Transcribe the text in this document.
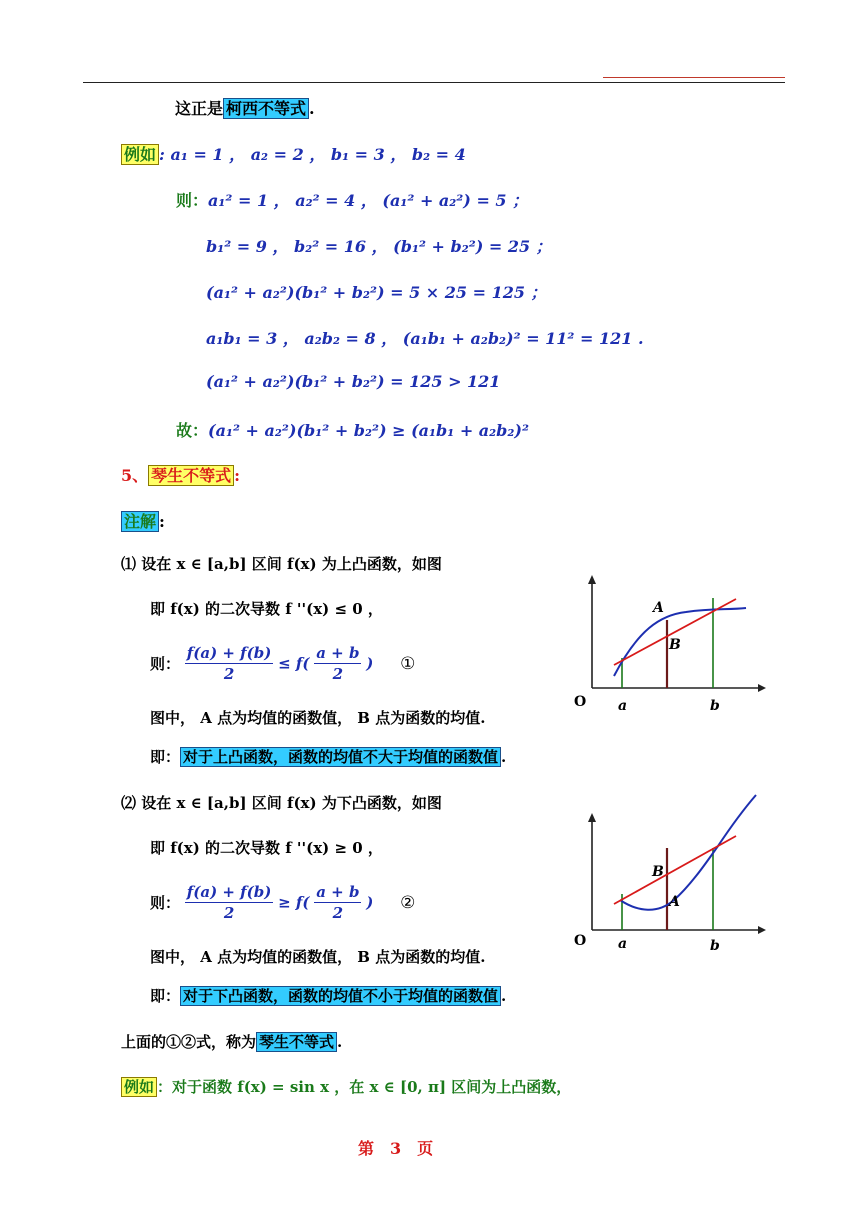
这正是 柯西不等式 .
例如 : a₁ = 1 ， a₂ = 2 ， b₁ = 3 ， b₂ = 4
则：a₁² = 1 ， a₂² = 4 ， (a₁² + a₂²) = 5 ；
b₁² = 9 ， b₂² = 16 ， (b₁² + b₂²) = 25 ；
(a₁² + a₂²)(b₁² + b₂²) = 5 × 25 = 125 ；
a₁b₁ = 3 ， a₂b₂ = 8 ， (a₁b₁ + a₂b₂)² = 11² = 121 .
(a₁² + a₂²)(b₁² + b₂²) = 125 > 121
故：(a₁² + a₂²)(b₁² + b₂²) ≥ (a₁b₁ + a₂b₂)²
5、 琴生不等式 :
注解 :
⑴ 设在 x ∈ [a,b] 区间 f(x) 为上凸函数，如图
即 f(x) 的二次导数 f ''(x) ≤ 0 ，
则： $\frac{f(a) + f(b)}{2} \le f( \frac{a + b}{2}$ ) ①
图中， A 点为均值的函数值， B 点为函数的均值.
即： 对于上凸函数，函数的均值不大于均值的函数值 .
O a	b
A
B
⑵ 设在 x ∈ [a,b] 区间 f(x) 为下凸函数，如图
即 f(x) 的二次导数 f ''(x) ≥ 0 ，
则： $\frac{f(a) + f(b)}{2} \ge f( \frac{a + b}{2}$ ) ②
图中， A 点为均值的函数值， B 点为函数的均值.
即： 对于下凸函数，函数的均值不小于均值的函数值 .
O a	b
B
A
上面的①②式，称为 琴生不等式 .
例如 ：对于函数 f(x) = sin x ，在 x ∈ [0, π] 区间为上凸函数，
第　3　页
